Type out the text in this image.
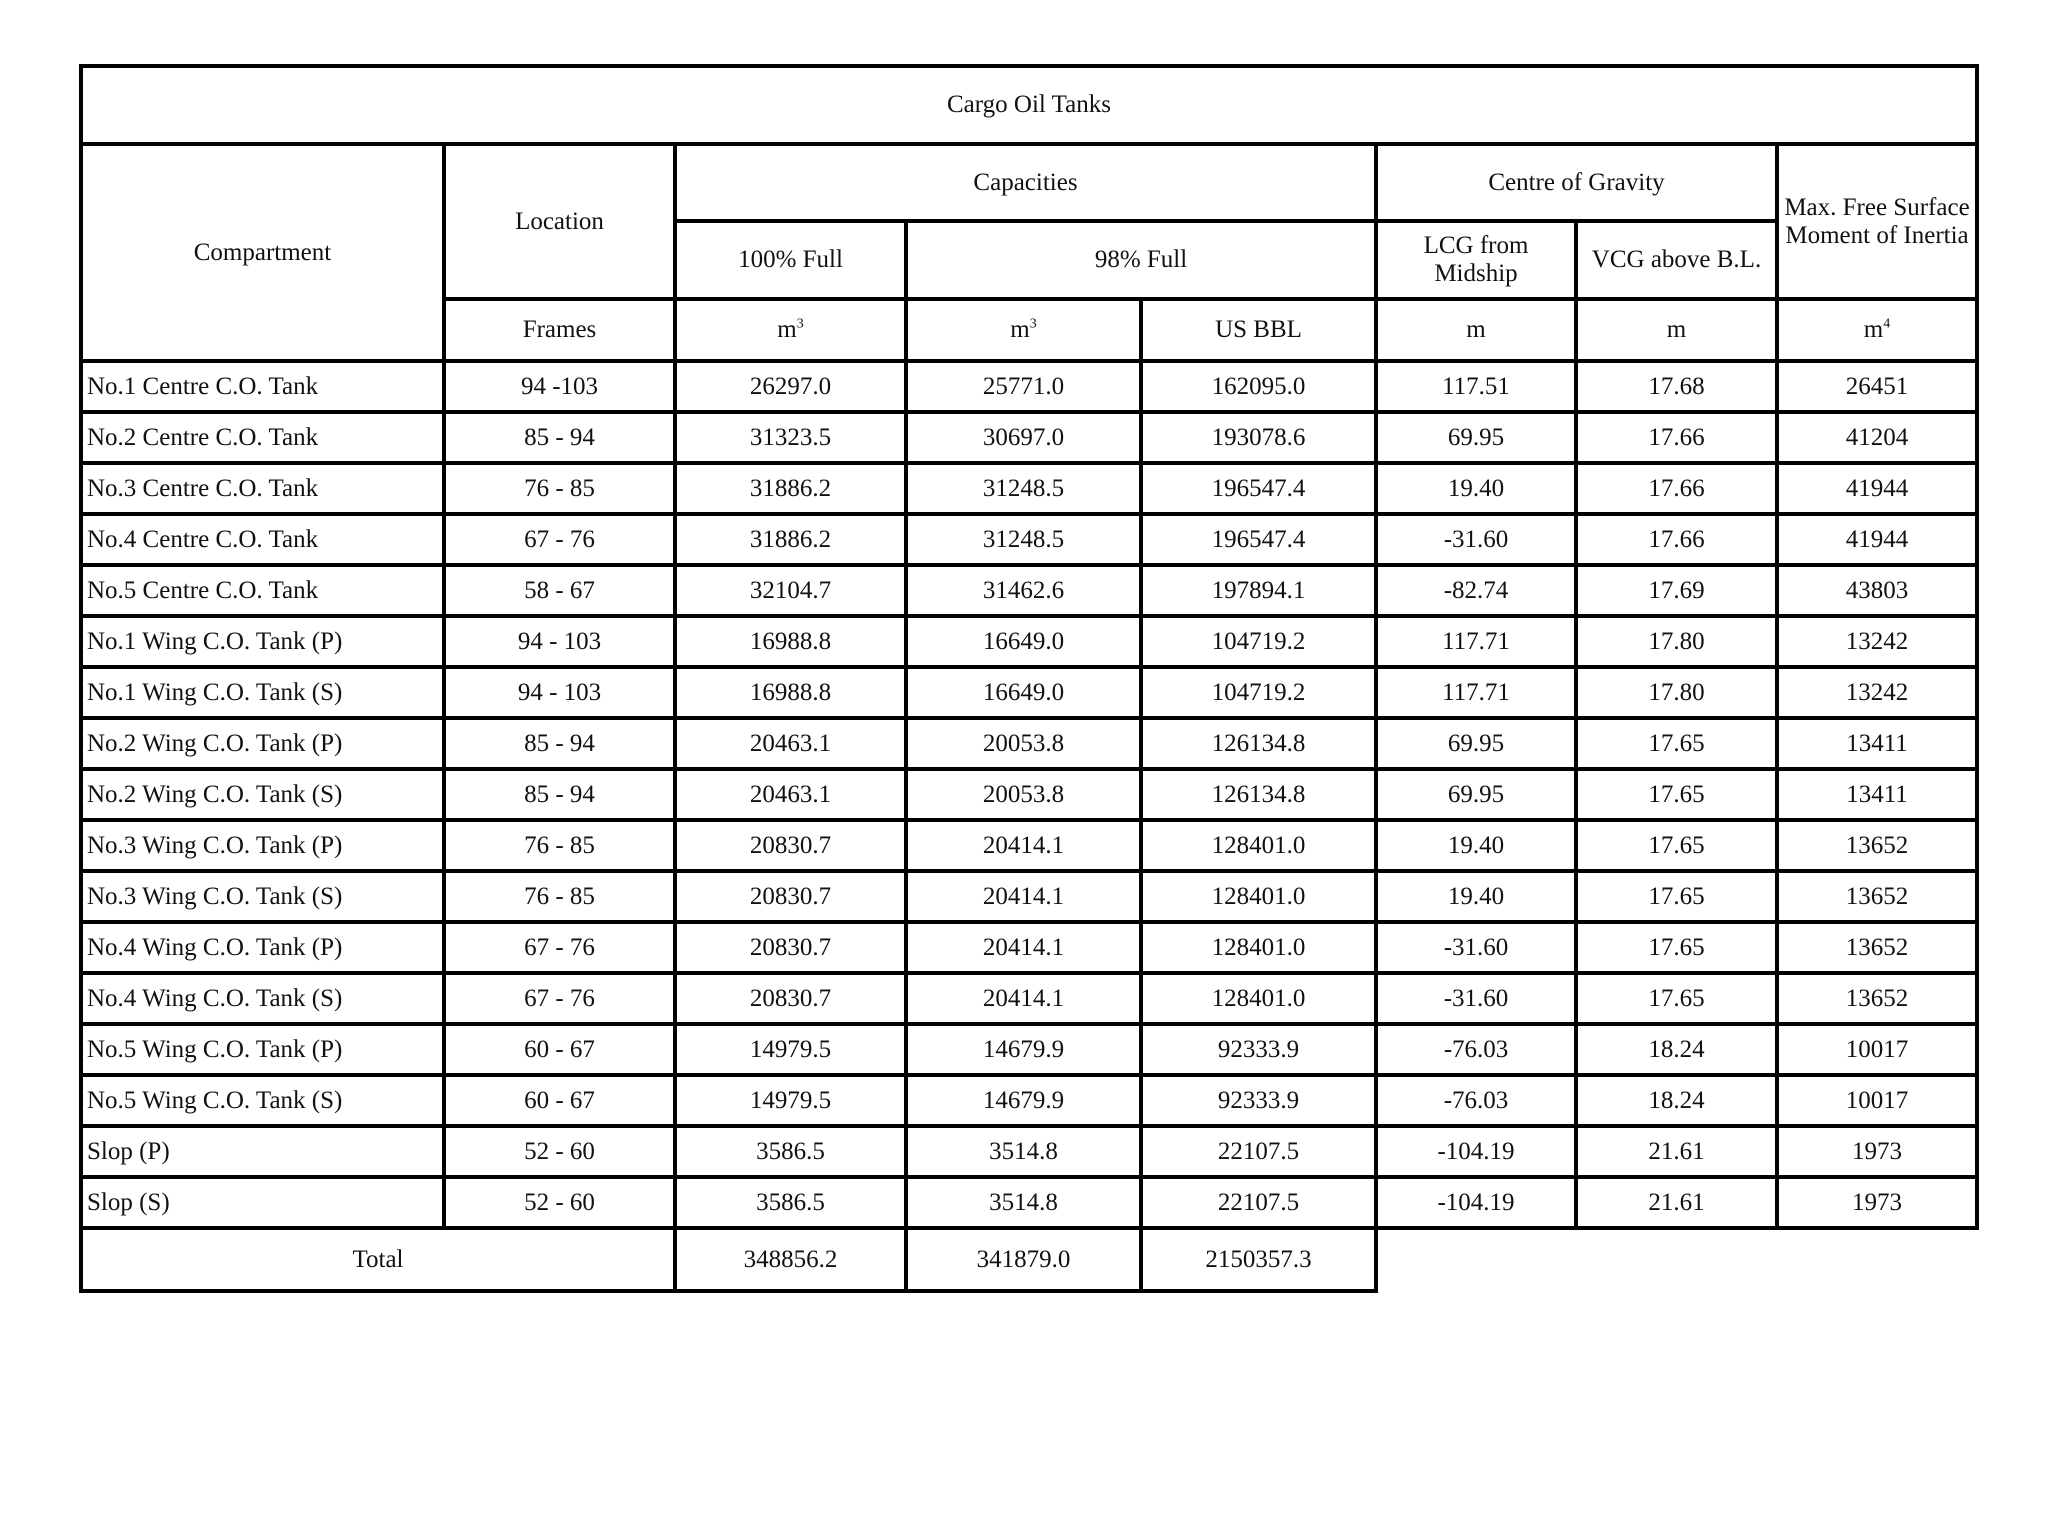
Cargo Oil Tanks							
Compartment	Location	Capacities			Centre of Gravity		Max. Free Surface Moment of Inertia
		100% Full	98% Full		LCG from Midship	VCG above B.L.	
	Frames	$m^3$	$m^3$	US BBL	m	m	$m^4$
No.1 Centre C.O. Tank	94 -103	26297.0	25771.0	162095.0	117.51	17.68	26451
No.2 Centre C.O. Tank	85 - 94	31323.5	30697.0	193078.6	69.95	17.66	41204
No.3 Centre C.O. Tank	76 - 85	31886.2	31248.5	196547.4	19.40	17.66	41944
No.4 Centre C.O. Tank	67 - 76	31886.2	31248.5	196547.4	-31.60	17.66	41944
No.5 Centre C.O. Tank	58 - 67	32104.7	31462.6	197894.1	-82.74	17.69	43803
No.1 Wing C.O. Tank (P)	94 - 103	16988.8	16649.0	104719.2	117.71	17.80	13242
No.1 Wing C.O. Tank (S)	94 - 103	16988.8	16649.0	104719.2	117.71	17.80	13242
No.2 Wing C.O. Tank (P)	85 - 94	20463.1	20053.8	126134.8	69.95	17.65	13411
No.2 Wing C.O. Tank (S)	85 - 94	20463.1	20053.8	126134.8	69.95	17.65	13411
No.3 Wing C.O. Tank (P)	76 - 85	20830.7	20414.1	128401.0	19.40	17.65	13652
No.3 Wing C.O. Tank (S)	76 - 85	20830.7	20414.1	128401.0	19.40	17.65	13652
No.4 Wing C.O. Tank (P)	67 - 76	20830.7	20414.1	128401.0	-31.60	17.65	13652
No.4 Wing C.O. Tank (S)	67 - 76	20830.7	20414.1	128401.0	-31.60	17.65	13652
No.5 Wing C.O. Tank (P)	60 - 67	14979.5	14679.9	92333.9	-76.03	18.24	10017
No.5 Wing C.O. Tank (S)	60 - 67	14979.5	14679.9	92333.9	-76.03	18.24	10017
Slop (P)	52 - 60	3586.5	3514.8	22107.5	-104.19	21.61	1973
Slop (S)	52 - 60	3586.5	3514.8	22107.5	-104.19	21.61	1973
Total		348856.2	341879.0	2150357.3			
